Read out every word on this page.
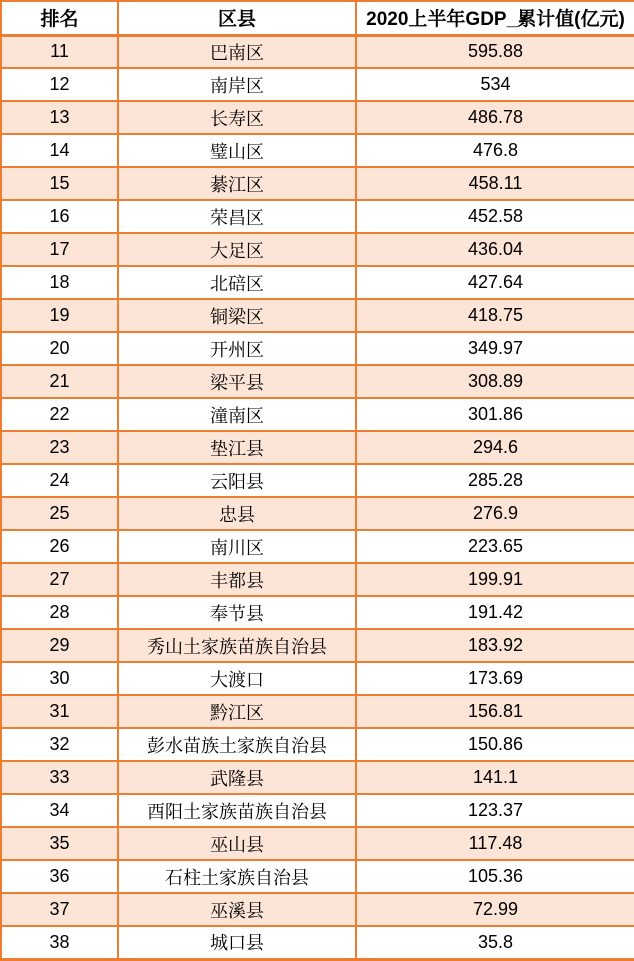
排名	区县	2020上半年GDP_累计值(亿元)
11	巴南区	595.88
12	南岸区	534
13	长寿区	486.78
14	璧山区	476.8
15	綦江区	458.11
16	荣昌区	452.58
17	大足区	436.04
18	北碚区	427.64
19	铜梁区	418.75
20	开州区	349.97
21	梁平县	308.89
22	潼南区	301.86
23	垫江县	294.6
24	云阳县	285.28
25	忠县	276.9
26	南川区	223.65
27	丰都县	199.91
28	奉节县	191.42
29	秀山土家族苗族自治县	183.92
30	大渡口	173.69
31	黔江区	156.81
32	彭水苗族土家族自治县	150.86
33	武隆县	141.1
34	酉阳土家族苗族自治县	123.37
35	巫山县	117.48
36	石柱土家族自治县	105.36
37	巫溪县	72.99
38	城口县	35.8
